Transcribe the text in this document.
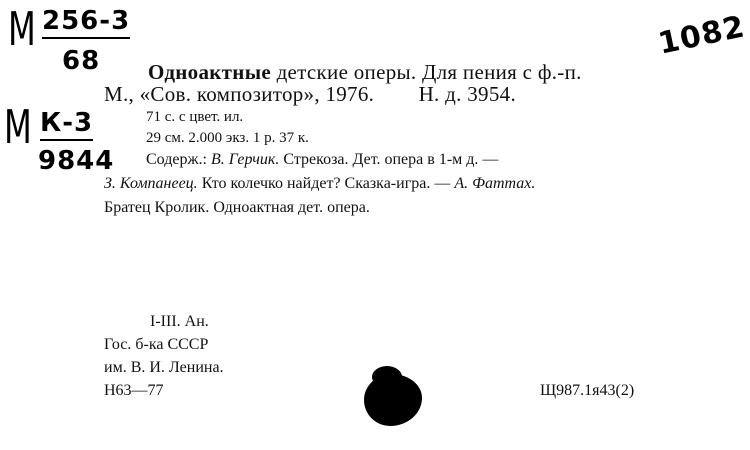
М 256-3
68
М К-3
9844
1082
Одноактные детские оперы. Для пения с ф.-п.
М., «Сов. композитор», 1976.        Н. д. 3954.
71 с. с цвет. ил.
29 см. 2.000 экз. 1 р. 37 к.
Содерж.: В. Герчик. Стрекоза. Дет. опера в 1-м д. —
З. Компанеец. Кто колечко найдет? Сказка-игра. — А. Фаттах.
Братец Кролик. Одноактная дет. опера.
I-III. Ан.
Гос. б-ка СССР
им. В. И. Ленина.
Н63—77	Щ987.1я43(2)
